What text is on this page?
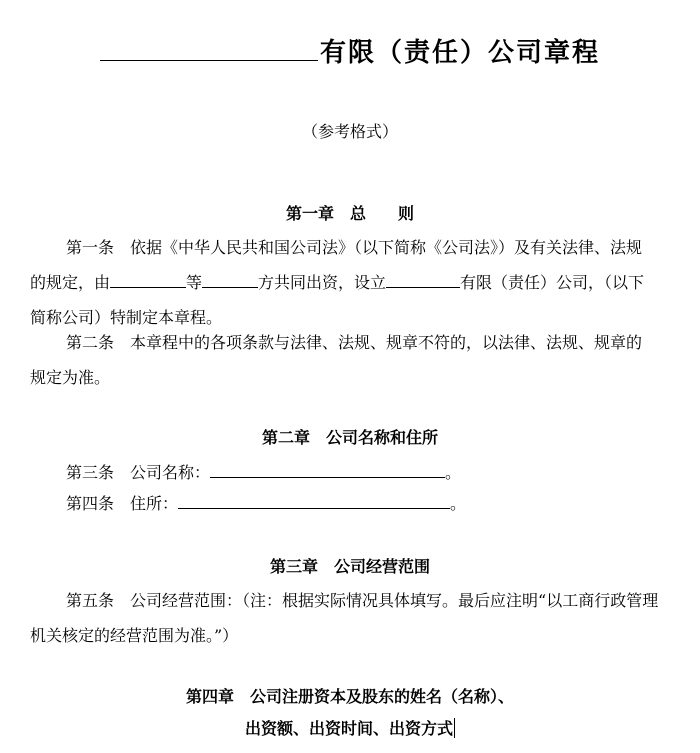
有限（责任）公司章程
（参考格式）
第一章　总　　则
第一条 依据《中华人民共和国公司法》（以下简称《公司法》）及有关法律、法规的规定，由	等	方共同出资，设立	有限（责任）公司，（以下简称公司）特制定本章程。
第二条 本章程中的各项条款与法律、法规、规章不符的，以法律、法规、规章的规定为准。
第二章　公司名称和住所
第三条 公司名称：	。
第四条 住所：	。
第三章　公司经营范围
第五条 公司经营范围：（注：根据实际情况具体填写。最后应注明“以工商行政管理机关核定的经营范围为准。”）
第四章　公司注册资本及股东的姓名（名称）、
出资额、出资时间、出资方式
